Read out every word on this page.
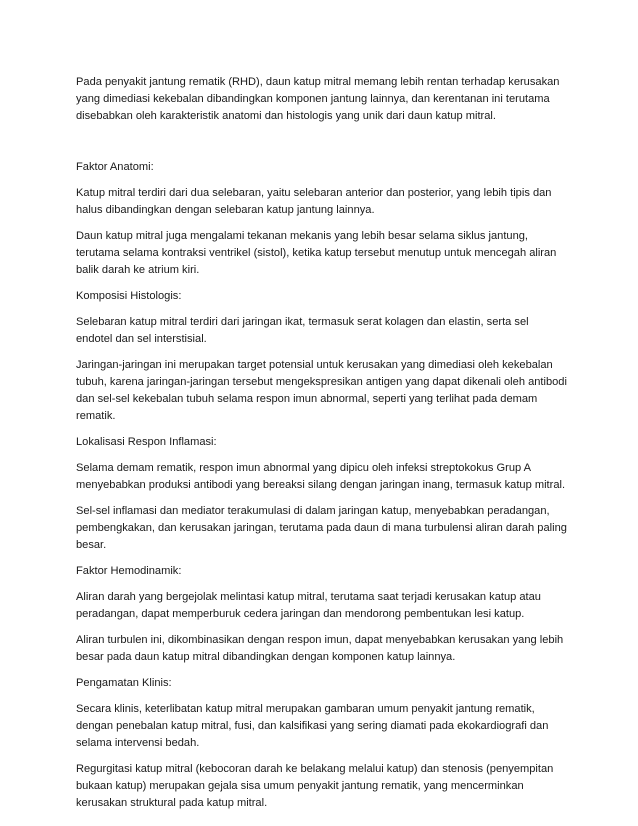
Pada penyakit jantung rematik (RHD), daun katup mitral memang lebih rentan terhadap kerusakan yang dimediasi kekebalan dibandingkan komponen jantung lainnya, dan kerentanan ini terutama disebabkan oleh karakteristik anatomi dan histologis yang unik dari daun katup mitral.

Faktor Anatomi:

Katup mitral terdiri dari dua selebaran, yaitu selebaran anterior dan posterior, yang lebih tipis dan halus dibandingkan dengan selebaran katup jantung lainnya.

Daun katup mitral juga mengalami tekanan mekanis yang lebih besar selama siklus jantung, terutama selama kontraksi ventrikel (sistol), ketika katup tersebut menutup untuk mencegah aliran balik darah ke atrium kiri.

Komposisi Histologis:

Selebaran katup mitral terdiri dari jaringan ikat, termasuk serat kolagen dan elastin, serta sel endotel dan sel interstisial.

Jaringan-jaringan ini merupakan target potensial untuk kerusakan yang dimediasi oleh kekebalan tubuh, karena jaringan-jaringan tersebut mengekspresikan antigen yang dapat dikenali oleh antibodi dan sel-sel kekebalan tubuh selama respon imun abnormal, seperti yang terlihat pada demam rematik.

Lokalisasi Respon Inflamasi:

Selama demam rematik, respon imun abnormal yang dipicu oleh infeksi streptokokus Grup A menyebabkan produksi antibodi yang bereaksi silang dengan jaringan inang, termasuk katup mitral.

Sel-sel inflamasi dan mediator terakumulasi di dalam jaringan katup, menyebabkan peradangan, pembengkakan, dan kerusakan jaringan, terutama pada daun di mana turbulensi aliran darah paling besar.

Faktor Hemodinamik:

Aliran darah yang bergejolak melintasi katup mitral, terutama saat terjadi kerusakan katup atau peradangan, dapat memperburuk cedera jaringan dan mendorong pembentukan lesi katup.

Aliran turbulen ini, dikombinasikan dengan respon imun, dapat menyebabkan kerusakan yang lebih besar pada daun katup mitral dibandingkan dengan komponen katup lainnya.

Pengamatan Klinis:

Secara klinis, keterlibatan katup mitral merupakan gambaran umum penyakit jantung rematik, dengan penebalan katup mitral, fusi, dan kalsifikasi yang sering diamati pada ekokardiografi dan selama intervensi bedah.

Regurgitasi katup mitral (kebocoran darah ke belakang melalui katup) dan stenosis (penyempitan bukaan katup) merupakan gejala sisa umum penyakit jantung rematik, yang mencerminkan kerusakan struktural pada katup mitral.
